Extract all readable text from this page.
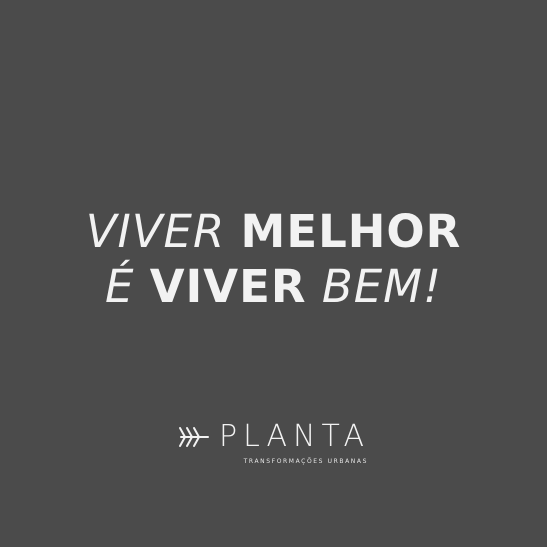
VIVER MELHOR
É VIVER BEM!
PLANTA
TRANSFORMAÇÕES URBANAS
